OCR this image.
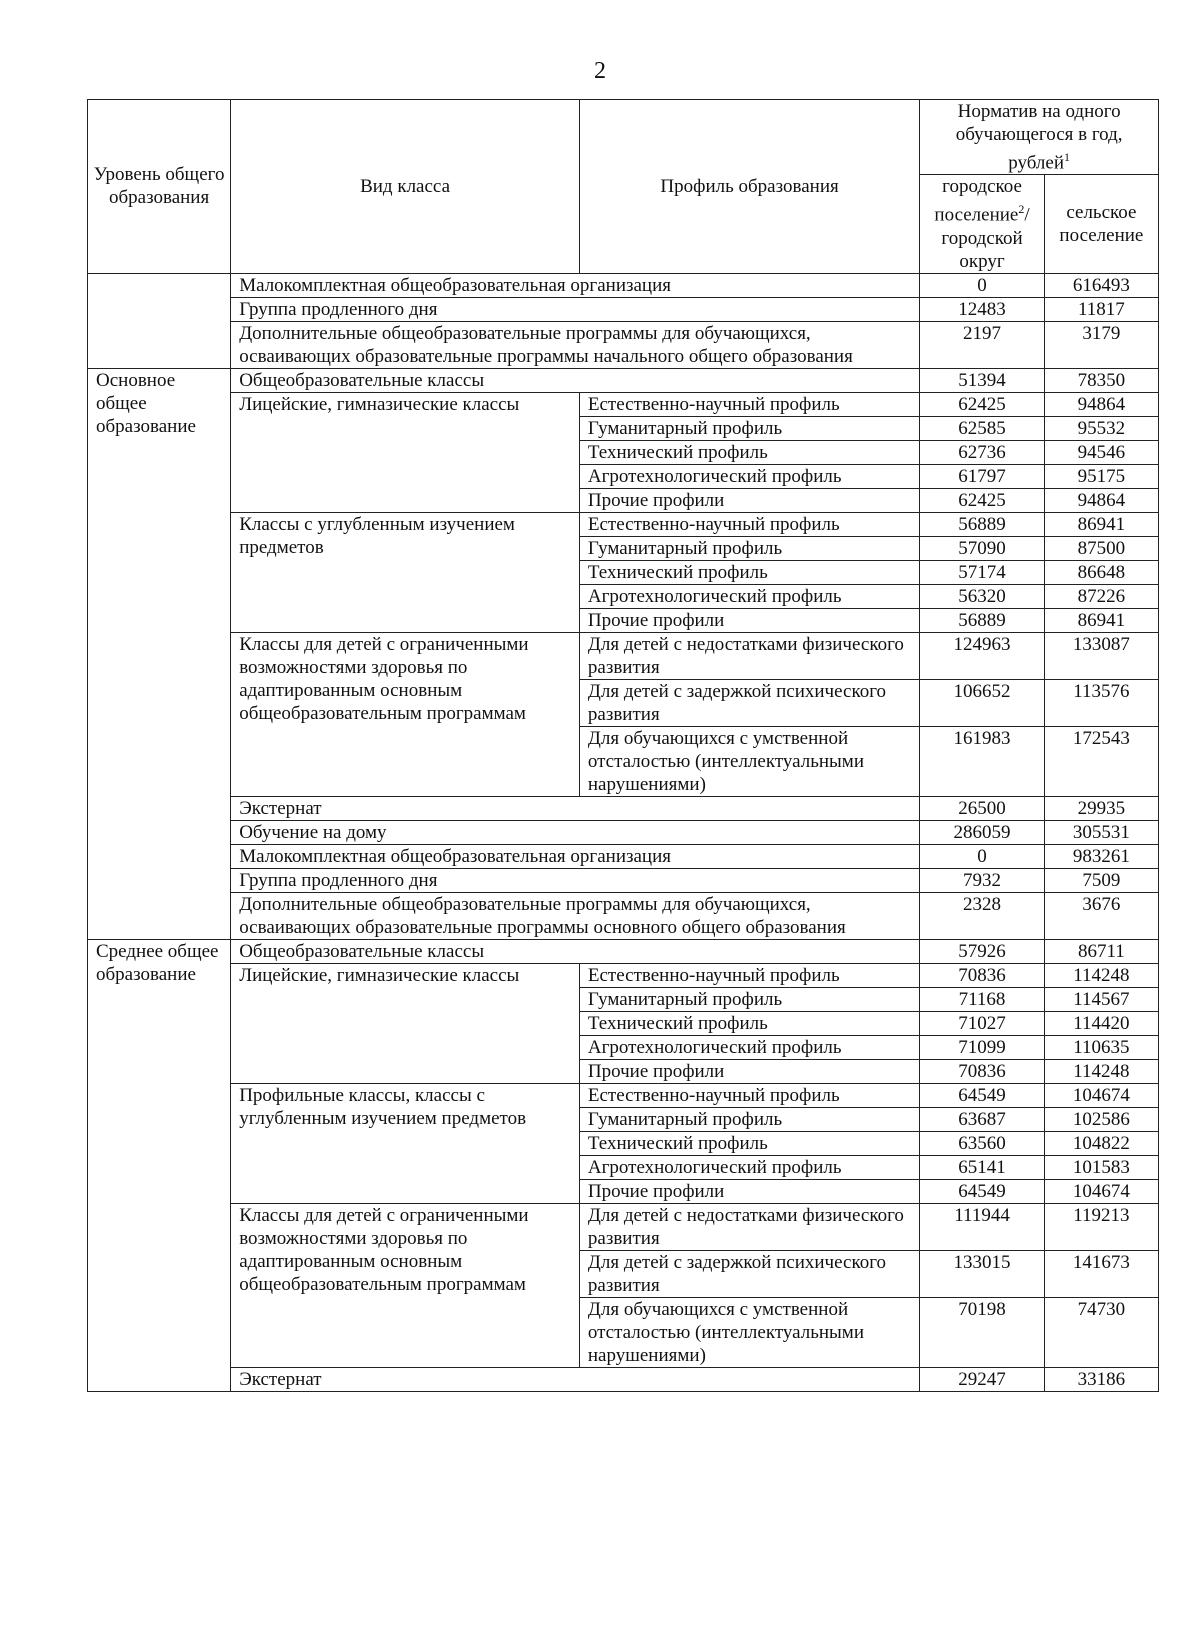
2
Уровень общего образования	Вид класса	Профиль образования	Норматив на одного обучающегося в год, рублей$^1$
			городское поселение$^2$/ городской округ	сельское поселение
	Малокомплектная общеобразовательная организация		0	616493
	Группа продленного дня		12483	11817
	Дополнительные общеобразовательные программы для обучающихся, осваивающих образовательные программы начального общего образования		2197	3179
Основное общее образование	Общеобразовательные классы		51394	78350
	Лицейские, гимназические классы	Естественно-научный профиль	62425	94864
		Гуманитарный профиль	62585	95532
		Технический профиль	62736	94546
		Агротехнологический профиль	61797	95175
		Прочие профили	62425	94864
	Классы с углубленным изучением предметов	Естественно-научный профиль	56889	86941
		Гуманитарный профиль	57090	87500
		Технический профиль	57174	86648
		Агротехнологический профиль	56320	87226
		Прочие профили	56889	86941
	Классы для детей с ограниченными возможностями здоровья по адаптированным основным общеобразовательным программам	Для детей с недостатками физического развития	124963	133087
		Для детей с задержкой психического развития	106652	113576
		Для обучающихся с умственной отсталостью (интеллектуальными нарушениями)	161983	172543
	Экстернат		26500	29935
	Обучение на дому		286059	305531
	Малокомплектная общеобразовательная организация		0	983261
	Группа продленного дня		7932	7509
	Дополнительные общеобразовательные программы для обучающихся, осваивающих образовательные программы основного общего образования		2328	3676
Среднее общее образование	Общеобразовательные классы		57926	86711
	Лицейские, гимназические классы	Естественно-научный профиль	70836	114248
		Гуманитарный профиль	71168	114567
		Технический профиль	71027	114420
		Агротехнологический профиль	71099	110635
		Прочие профили	70836	114248
	Профильные классы, классы с углубленным изучением предметов	Естественно-научный профиль	64549	104674
		Гуманитарный профиль	63687	102586
		Технический профиль	63560	104822
		Агротехнологический профиль	65141	101583
		Прочие профили	64549	104674
	Классы для детей с ограниченными возможностями здоровья по адаптированным основным общеобразовательным программам	Для детей с недостатками физического развития	111944	119213
		Для детей с задержкой психического развития	133015	141673
		Для обучающихся с умственной отсталостью (интеллектуальными нарушениями)	70198	74730
	Экстернат		29247	33186
